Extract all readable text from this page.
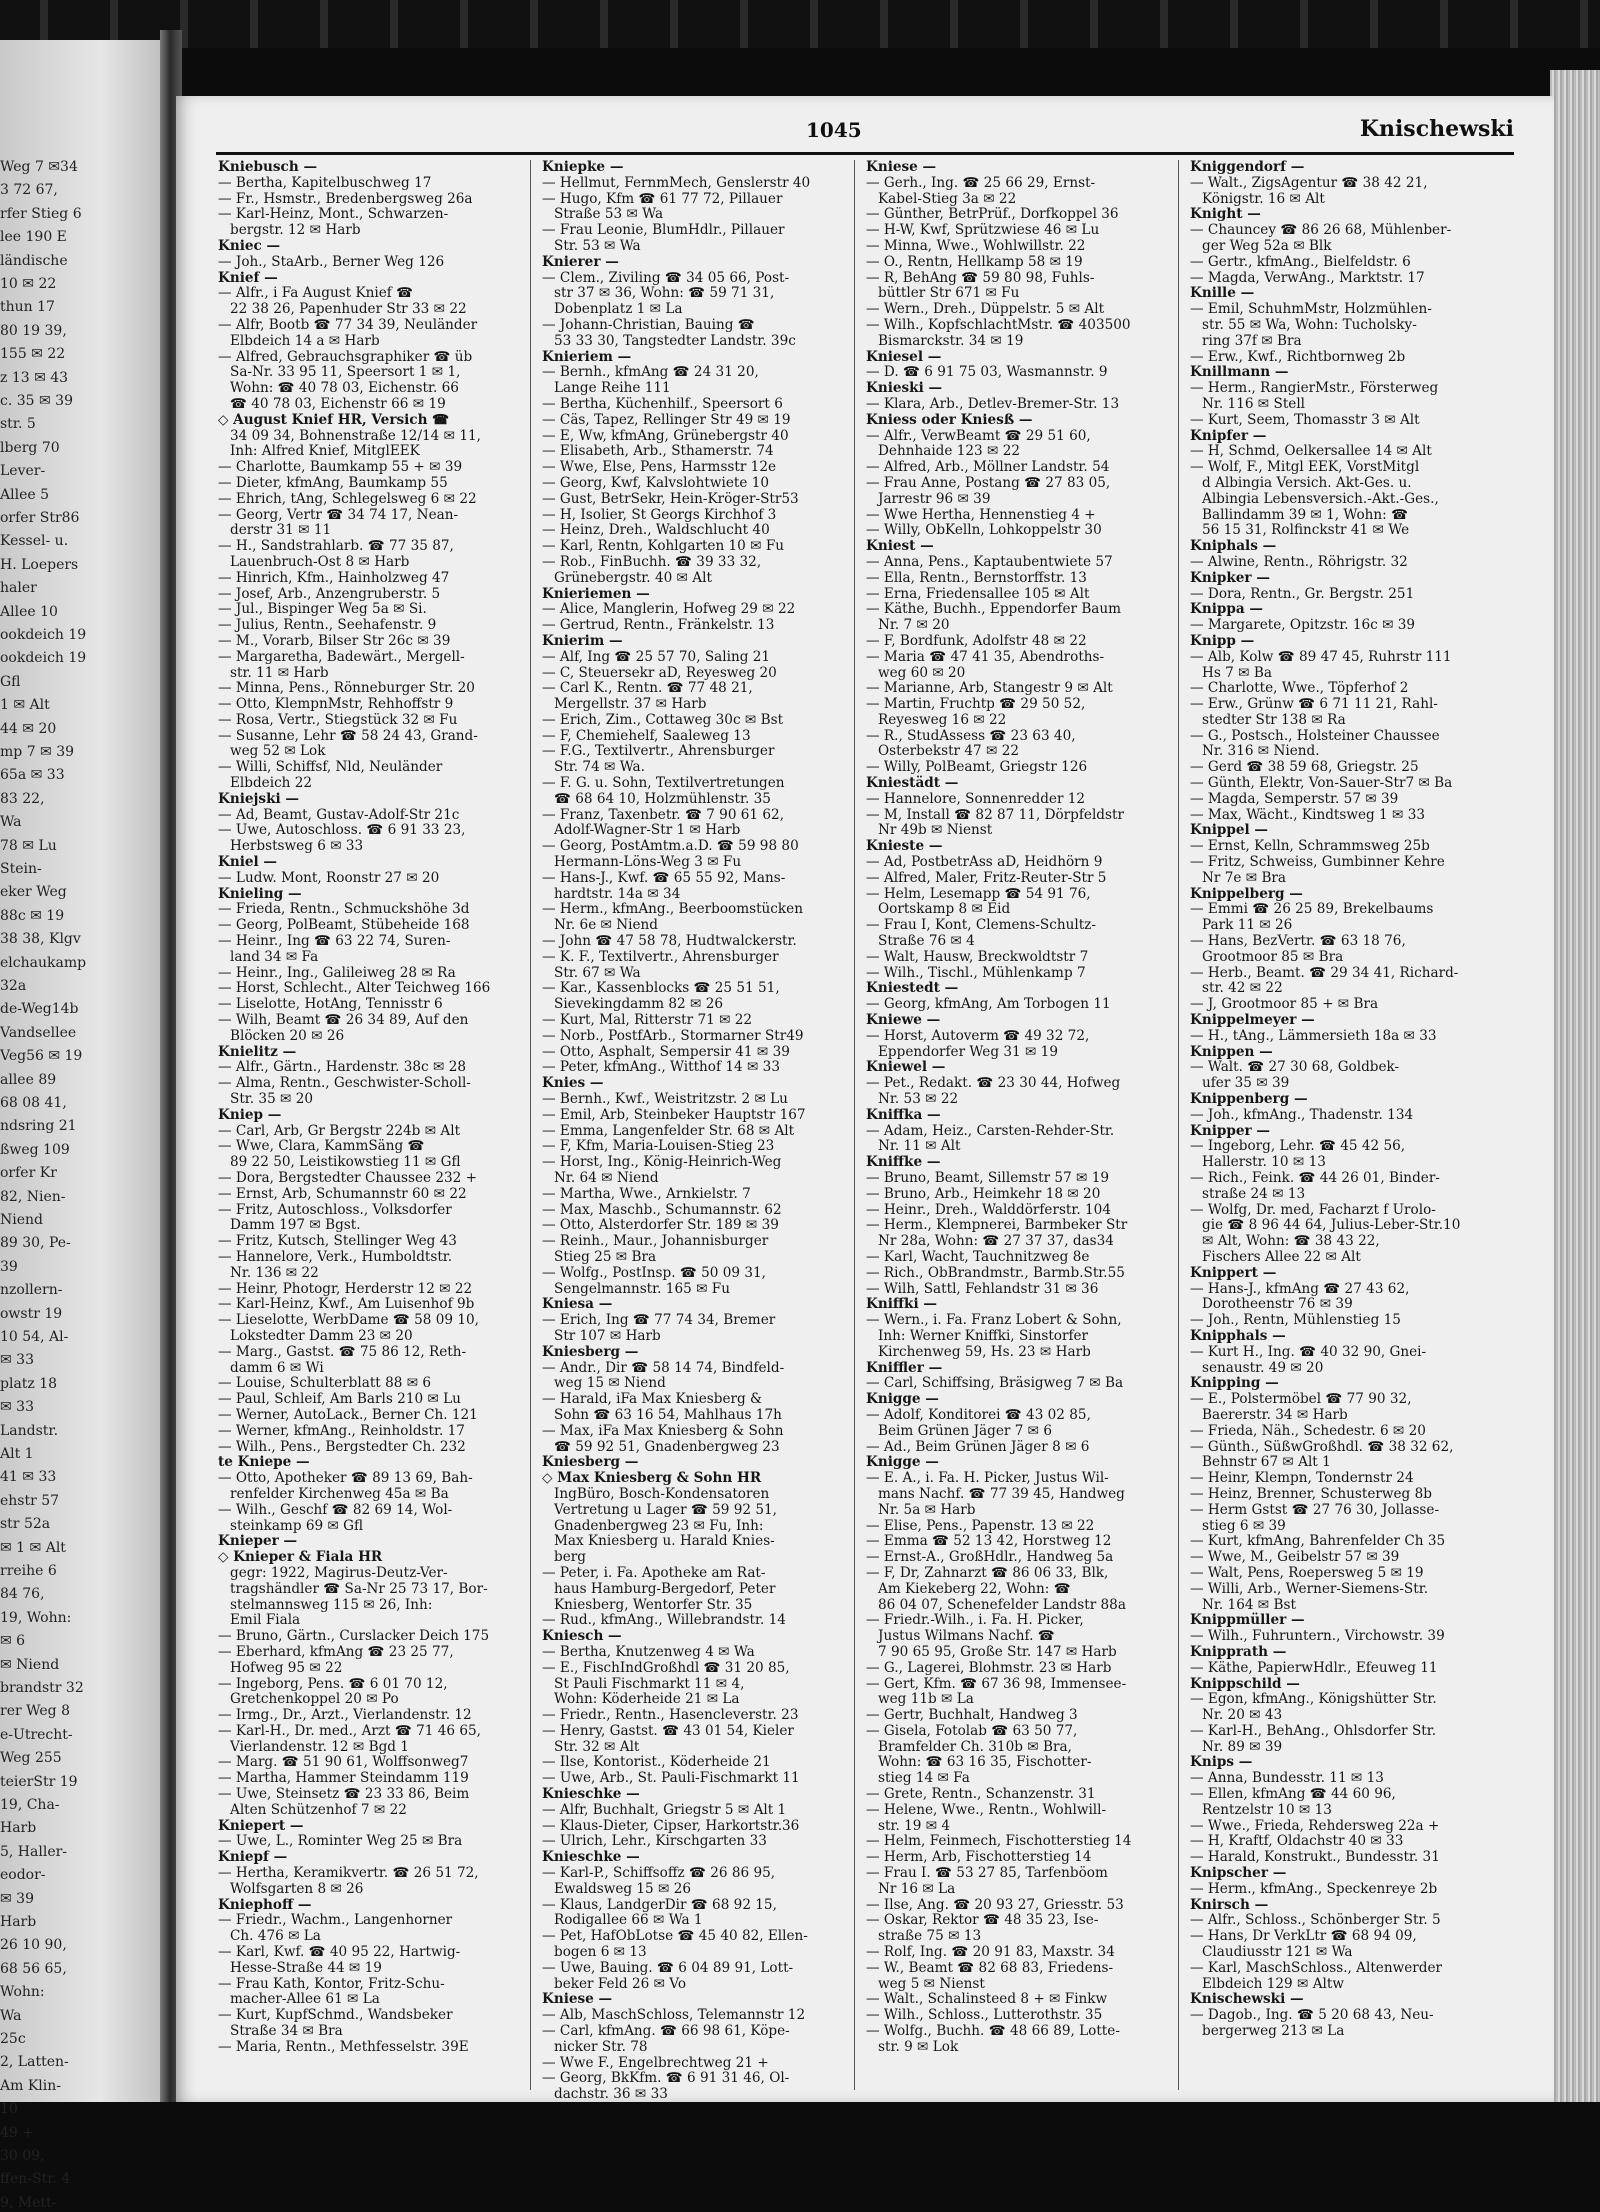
Weg 7 ✉34
3 72 67,
rfer Stieg 6
lee 190 E
ländische
10 ✉ 22
thun 17
80 19 39,
155 ✉ 22
z 13 ✉ 43
c. 35 ✉ 39
str. 5
lberg 70
Lever-
Allee 5
orfer Str86
Kessel- u.
H. Loepers
haler
Allee 10
ookdeich 19
ookdeich 19
Gfl
1 ✉ Alt
44 ✉ 20
mp 7 ✉ 39
65a ✉ 33
83 22,
Wa
78 ✉ Lu
Stein-
eker Weg
88c ✉ 19
38 38, Klgv
elchaukamp
32a
de-Weg14b
Vandsellee
Veg56 ✉ 19
allee 89
68 08 41,
ndsring 21
ßweg 109
orfer Kr
82, Nien-
Niend
89 30, Pe-
39
nzollern-
owstr 19
10 54, Al-
✉ 33
platz 18
✉ 33
Landstr.
Alt 1
41 ✉ 33
ehstr 57
str 52a
✉ 1 ✉ Alt
rreihe 6
84 76,
19, Wohn:
✉ 6
✉ Niend
brandstr 32
rer Weg 8
e-Utrecht-
Weg 255
teierStr 19
19, Cha-
Harb
5, Haller-
eodor-
✉ 39
Harb
26 10 90,
68 56 65,
Wohn:
Wa
25c
2, Latten-
Am Klin-
10
49 +
30 09,
ffen-Str. 4
9, Mett-
1045	Knischewski
Kniebusch —
— Bertha, Kapitelbuschweg 17
— Fr., Hsmstr., Bredenbergsweg 26a
— Karl-Heinz, Mont., Schwarzen-
bergstr. 12 ✉ Harb
Kniec —
— Joh., StaArb., Berner Weg 126
Knief —
— Alfr., i Fa August Knief ☎
22 38 26, Papenhuder Str 33 ✉ 22
— Alfr, Bootb ☎ 77 34 39, Neuländer
Elbdeich 14 a ✉ Harb
— Alfred, Gebrauchsgraphiker ☎ üb
Sa-Nr. 33 95 11, Speersort 1 ✉ 1,
Wohn: ☎ 40 78 03, Eichenstr. 66
☎ 40 78 03, Eichenstr 66 ✉ 19
◇ August Knief HR, Versich ☎
34 09 34, Bohnenstraße 12/14 ✉ 11,
Inh: Alfred Knief, MitglEEK
— Charlotte, Baumkamp 55 + ✉ 39
— Dieter, kfmAng, Baumkamp 55
— Ehrich, tAng, Schlegelsweg 6 ✉ 22
— Georg, Vertr ☎ 34 74 17, Nean-
derstr 31 ✉ 11
— H., Sandstrahlarb. ☎ 77 35 87,
Lauenbruch-Ost 8 ✉ Harb
— Hinrich, Kfm., Hainholzweg 47
— Josef, Arb., Anzengruberstr. 5
— Jul., Bispinger Weg 5a ✉ Si.
— Julius, Rentn., Seehafenstr. 9
— M., Vorarb, Bilser Str 26c ✉ 39
— Margaretha, Badewärt., Mergell-
str. 11 ✉ Harb
— Minna, Pens., Rönneburger Str. 20
— Otto, KlempnMstr, Rehhoffstr 9
— Rosa, Vertr., Stiegstück 32 ✉ Fu
— Susanne, Lehr ☎ 58 24 43, Grand-
weg 52 ✉ Lok
— Willi, Schiffsf, Nld, Neuländer
Elbdeich 22
Kniejski —
— Ad, Beamt, Gustav-Adolf-Str 21c
— Uwe, Autoschloss. ☎ 6 91 33 23,
Herbstsweg 6 ✉ 33
Kniel —
— Ludw. Mont, Roonstr 27 ✉ 20
Knieling —
— Frieda, Rentn., Schmuckshöhe 3d
— Georg, PolBeamt, Stübeheide 168
— Heinr., Ing ☎ 63 22 74, Suren-
land 34 ✉ Fa
— Heinr., Ing., Galileiweg 28 ✉ Ra
— Horst, Schlecht., Alter Teichweg 166
— Liselotte, HotAng, Tennisstr 6
— Wilh, Beamt ☎ 26 34 89, Auf den
Blöcken 20 ✉ 26
Knielitz —
— Alfr., Gärtn., Hardenstr. 38c ✉ 28
— Alma, Rentn., Geschwister-Scholl-
Str. 35 ✉ 20
Kniep —
— Carl, Arb, Gr Bergstr 224b ✉ Alt
— Wwe, Clara, KammSäng ☎
89 22 50, Leistikowstieg 11 ✉ Gfl
— Dora, Bergstedter Chaussee 232 +
— Ernst, Arb, Schumannstr 60 ✉ 22
— Fritz, Autoschloss., Volksdorfer
Damm 197 ✉ Bgst.
— Fritz, Kutsch, Stellinger Weg 43
— Hannelore, Verk., Humboldtstr.
Nr. 136 ✉ 22
— Heinr, Photogr, Herderstr 12 ✉ 22
— Karl-Heinz, Kwf., Am Luisenhof 9b
— Lieselotte, WerbDame ☎ 58 09 10,
Lokstedter Damm 23 ✉ 20
— Marg., Gastst. ☎ 75 86 12, Reth-
damm 6 ✉ Wi
— Louise, Schulterblatt 88 ✉ 6
— Paul, Schleif, Am Barls 210 ✉ Lu
— Werner, AutoLack., Berner Ch. 121
— Werner, kfmAng., Reinholdstr. 17
— Wilh., Pens., Bergstedter Ch. 232
te Kniepe —
— Otto, Apotheker ☎ 89 13 69, Bah-
renfelder Kirchenweg 45a ✉ Ba
— Wilh., Geschf ☎ 82 69 14, Wol-
steinkamp 69 ✉ Gfl
Knieper —
◇ Knieper & Fiala HR
gegr: 1922, Magirus-Deutz-Ver-
tragshändler ☎ Sa-Nr 25 73 17, Bor-
stelmannsweg 115 ✉ 26, Inh:
Emil Fiala
— Bruno, Gärtn., Curslacker Deich 175
— Eberhard, kfmAng ☎ 23 25 77,
Hofweg 95 ✉ 22
— Ingeborg, Pens. ☎ 6 01 70 12,
Gretchenkoppel 20 ✉ Po
— Irmg., Dr., Arzt., Vierlandenstr. 12
— Karl-H., Dr. med., Arzt ☎ 71 46 65,
Vierlandenstr. 12 ✉ Bgd 1
— Marg. ☎ 51 90 61, Wolffsonweg7
— Martha, Hammer Steindamm 119
— Uwe, Steinsetz ☎ 23 33 86, Beim
Alten Schützenhof 7 ✉ 22
Kniepert —
— Uwe, L., Rominter Weg 25 ✉ Bra
Kniepf —
— Hertha, Keramikvertr. ☎ 26 51 72,
Wolfsgarten 8 ✉ 26
Kniephoff —
— Friedr., Wachm., Langenhorner
Ch. 476 ✉ La
— Karl, Kwf. ☎ 40 95 22, Hartwig-
Hesse-Straße 44 ✉ 19
— Frau Kath, Kontor, Fritz-Schu-
macher-Allee 61 ✉ La
— Kurt, KupfSchmd., Wandsbeker
Straße 34 ✉ Bra
— Maria, Rentn., Methfesselstr. 39E
Kniepke —
— Hellmut, FernmMech, Genslerstr 40
— Hugo, Kfm ☎ 61 77 72, Pillauer
Straße 53 ✉ Wa
— Frau Leonie, BlumHdlr., Pillauer
Str. 53 ✉ Wa
Knierer —
— Clem., Ziviling ☎ 34 05 66, Post-
str 37 ✉ 36, Wohn: ☎ 59 71 31,
Dobenplatz 1 ✉ La
— Johann-Christian, Bauing ☎
53 33 30, Tangstedter Landstr. 39c
Knieriem —
— Bernh., kfmAng ☎ 24 31 20,
Lange Reihe 111
— Bertha, Küchenhilf., Speersort 6
— Cäs, Tapez, Rellinger Str 49 ✉ 19
— E, Ww, kfmAng, Grünebergstr 40
— Elisabeth, Arb., Sthamerstr. 74
— Wwe, Else, Pens, Harmsstr 12e
— Georg, Kwf, Kalvslohtwiete 10
— Gust, BetrSekr, Hein-Kröger-Str53
— H, Isolier, St Georgs Kirchhof 3
— Heinz, Dreh., Waldschlucht 40
— Karl, Rentn, Kohlgarten 10 ✉ Fu
— Rob., FinBuchh. ☎ 39 33 32,
Grünebergstr. 40 ✉ Alt
Knieriemen —
— Alice, Manglerin, Hofweg 29 ✉ 22
— Gertrud, Rentn., Fränkelstr. 13
Knierim —
— Alf, Ing ☎ 25 57 70, Saling 21
— C, Steuersekr aD, Reyesweg 20
— Carl K., Rentn. ☎ 77 48 21,
Mergellstr. 37 ✉ Harb
— Erich, Zim., Cottaweg 30c ✉ Bst
— F, Chemiehelf, Saaleweg 13
— F.G., Textilvertr., Ahrensburger
Str. 74 ✉ Wa.
— F. G. u. Sohn, Textilvertretungen
☎ 68 64 10, Holzmühlenstr. 35
— Franz, Taxenbetr. ☎ 7 90 61 62,
Adolf-Wagner-Str 1 ✉ Harb
— Georg, PostAmtm.a.D. ☎ 59 98 80
Hermann-Löns-Weg 3 ✉ Fu
— Hans-J., Kwf. ☎ 65 55 92, Mans-
hardtstr. 14a ✉ 34
— Herm., kfmAng., Beerboomstücken
Nr. 6e ✉ Niend
— John ☎ 47 58 78, Hudtwalckerstr.
— K. F., Textilvertr., Ahrensburger
Str. 67 ✉ Wa
— Kar., Kassenblocks ☎ 25 51 51,
Sievekingdamm 82 ✉ 26
— Kurt, Mal, Ritterstr 71 ✉ 22
— Norb., PostfArb., Stormarner Str49
— Otto, Asphalt, Sempersir 41 ✉ 39
— Peter, kfmAng., Witthof 14 ✉ 33
Knies —
— Bernh., Kwf., Weistritzstr. 2 ✉ Lu
— Emil, Arb, Steinbeker Hauptstr 167
— Emma, Langenfelder Str. 68 ✉ Alt
— F, Kfm, Maria-Louisen-Stieg 23
— Horst, Ing., König-Heinrich-Weg
Nr. 64 ✉ Niend
— Martha, Wwe., Arnkielstr. 7
— Max, Maschb., Schumannstr. 62
— Otto, Alsterdorfer Str. 189 ✉ 39
— Reinh., Maur., Johannisburger
Stieg 25 ✉ Bra
— Wolfg., PostInsp. ☎ 50 09 31,
Sengelmannstr. 165 ✉ Fu
Kniesa —
— Erich, Ing ☎ 77 74 34, Bremer
Str 107 ✉ Harb
Kniesberg —
— Andr., Dir ☎ 58 14 74, Bindfeld-
weg 15 ✉ Niend
— Harald, iFa Max Kniesberg &
Sohn ☎ 63 16 54, Mahlhaus 17h
— Max, iFa Max Kniesberg & Sohn
☎ 59 92 51, Gnadenbergweg 23
Kniesberg —
◇ Max Kniesberg & Sohn HR
IngBüro, Bosch-Kondensatoren
Vertretung u Lager ☎ 59 92 51,
Gnadenbergweg 23 ✉ Fu, Inh:
Max Kniesberg u. Harald Knies-
berg
— Peter, i. Fa. Apotheke am Rat-
haus Hamburg-Bergedorf, Peter
Kniesberg, Wentorfer Str. 35
— Rud., kfmAng., Willebrandstr. 14
Kniesch —
— Bertha, Knutzenweg 4 ✉ Wa
— E., FischIndGroßhdl ☎ 31 20 85,
St Pauli Fischmarkt 11 ✉ 4,
Wohn: Köderheide 21 ✉ La
— Friedr., Rentn., Hasencleverstr. 23
— Henry, Gastst. ☎ 43 01 54, Kieler
Str. 32 ✉ Alt
— Ilse, Kontorist., Köderheide 21
— Uwe, Arb., St. Pauli-Fischmarkt 11
Knieschke —
— Alfr, Buchhalt, Griegstr 5 ✉ Alt 1
— Klaus-Dieter, Cipser, Harkortstr.36
— Ulrich, Lehr., Kirschgarten 33
Knieschke —
— Karl-P., Schiffsoffz ☎ 26 86 95,
Ewaldsweg 15 ✉ 26
— Klaus, LandgerDir ☎ 68 92 15,
Rodigallee 66 ✉ Wa 1
— Pet, HafObLotse ☎ 45 40 82, Ellen-
bogen 6 ✉ 13
— Uwe, Bauing. ☎ 6 04 89 91, Lott-
beker Feld 26 ✉ Vo
Kniese —
— Alb, MaschSchloss, Telemannstr 12
— Carl, kfmAng. ☎ 66 98 61, Köpe-
nicker Str. 78
— Wwe F., Engelbrechtweg 21 +
— Georg, BkKfm. ☎ 6 91 31 46, Ol-
dachstr. 36 ✉ 33
Kniese —
— Gerh., Ing. ☎ 25 66 29, Ernst-
Kabel-Stieg 3a ✉ 22
— Günther, BetrPrüf., Dorfkoppel 36
— H-W, Kwf, Sprützwiese 46 ✉ Lu
— Minna, Wwe., Wohlwillstr. 22
— O., Rentn, Hellkamp 58 ✉ 19
— R, BehAng ☎ 59 80 98, Fuhls-
büttler Str 671 ✉ Fu
— Wern., Dreh., Düppelstr. 5 ✉ Alt
— Wilh., KopfschlachtMstr. ☎ 403500
Bismarckstr. 34 ✉ 19
Kniesel —
— D. ☎ 6 91 75 03, Wasmannstr. 9
Knieski —
— Klara, Arb., Detlev-Bremer-Str. 13
Kniess oder Kniesß —
— Alfr., VerwBeamt ☎ 29 51 60,
Dehnhaide 123 ✉ 22
— Alfred, Arb., Möllner Landstr. 54
— Frau Anne, Postang ☎ 27 83 05,
Jarrestr 96 ✉ 39
— Wwe Hertha, Hennenstieg 4 +
— Willy, ObKelln, Lohkoppelstr 30
Kniest —
— Anna, Pens., Kaptaubentwiete 57
— Ella, Rentn., Bernstorffstr. 13
— Erna, Friedensallee 105 ✉ Alt
— Käthe, Buchh., Eppendorfer Baum
Nr. 7 ✉ 20
— F, Bordfunk, Adolfstr 48 ✉ 22
— Maria ☎ 47 41 35, Abendroths-
weg 60 ✉ 20
— Marianne, Arb, Stangestr 9 ✉ Alt
— Martin, Fruchtp ☎ 29 50 52,
Reyesweg 16 ✉ 22
— R., StudAssess ☎ 23 63 40,
Osterbekstr 47 ✉ 22
— Willy, PolBeamt, Griegstr 126
Kniestädt —
— Hannelore, Sonnenredder 12
— M, Install ☎ 82 87 11, Dörpfeldstr
Nr 49b ✉ Nienst
Knieste —
— Ad, PostbetrAss aD, Heidhörn 9
— Alfred, Maler, Fritz-Reuter-Str 5
— Helm, Lesemapp ☎ 54 91 76,
Oortskamp 8 ✉ Eid
— Frau I, Kont, Clemens-Schultz-
Straße 76 ✉ 4
— Walt, Hausw, Breckwoldtstr 7
— Wilh., Tischl., Mühlenkamp 7
Kniestedt —
— Georg, kfmAng, Am Torbogen 11
Kniewe —
— Horst, Autoverm ☎ 49 32 72,
Eppendorfer Weg 31 ✉ 19
Kniewel —
— Pet., Redakt. ☎ 23 30 44, Hofweg
Nr. 53 ✉ 22
Kniffka —
— Adam, Heiz., Carsten-Rehder-Str.
Nr. 11 ✉ Alt
Kniffke —
— Bruno, Beamt, Sillemstr 57 ✉ 19
— Bruno, Arb., Heimkehr 18 ✉ 20
— Heinr., Dreh., Walddörferstr. 104
— Herm., Klempnerei, Barmbeker Str
Nr 28a, Wohn: ☎ 27 37 37, das34
— Karl, Wacht, Tauchnitzweg 8e
— Rich., ObBrandmstr., Barmb.Str.55
— Wilh, Sattl, Fehlandstr 31 ✉ 36
Kniffki —
— Wern., i. Fa. Franz Lobert & Sohn,
Inh: Werner Kniffki, Sinstorfer
Kirchenweg 59, Hs. 23 ✉ Harb
Kniffler —
— Carl, Schiffsing, Bräsigweg 7 ✉ Ba
Knigge —
— Adolf, Konditorei ☎ 43 02 85,
Beim Grünen Jäger 7 ✉ 6
— Ad., Beim Grünen Jäger 8 ✉ 6
Knigge —
— E. A., i. Fa. H. Picker, Justus Wil-
mans Nachf. ☎ 77 39 45, Handweg
Nr. 5a ✉ Harb
— Elise, Pens., Papenstr. 13 ✉ 22
— Emma ☎ 52 13 42, Horstweg 12
— Ernst-A., GroßHdlr., Handweg 5a
— F, Dr, Zahnarzt ☎ 86 06 33, Blk,
Am Kiekeberg 22, Wohn: ☎
86 04 07, Schenefelder Landstr 88a
— Friedr.-Wilh., i. Fa. H. Picker,
Justus Wilmans Nachf. ☎
7 90 65 95, Große Str. 147 ✉ Harb
— G., Lagerei, Blohmstr. 23 ✉ Harb
— Gert, Kfm. ☎ 67 36 98, Immensee-
weg 11b ✉ La
— Gertr, Buchhalt, Handweg 3
— Gisela, Fotolab ☎ 63 50 77,
Bramfelder Ch. 310b ✉ Bra,
Wohn: ☎ 63 16 35, Fischotter-
stieg 14 ✉ Fa
— Grete, Rentn., Schanzenstr. 31
— Helene, Wwe., Rentn., Wohlwill-
str. 19 ✉ 4
— Helm, Feinmech, Fischotterstieg 14
— Herm, Arb, Fischotterstieg 14
— Frau I. ☎ 53 27 85, Tarfenböom
Nr 16 ✉ La
— Ilse, Ang. ☎ 20 93 27, Griesstr. 53
— Oskar, Rektor ☎ 48 35 23, Ise-
straße 75 ✉ 13
— Rolf, Ing. ☎ 20 91 83, Maxstr. 34
— W., Beamt ☎ 82 68 83, Friedens-
weg 5 ✉ Nienst
— Walt., Schalinsteed 8 + ✉ Finkw
— Wilh., Schloss., Lutterothstr. 35
— Wolfg., Buchh. ☎ 48 66 89, Lotte-
str. 9 ✉ Lok
Kniggendorf —
— Walt., ZigsAgentur ☎ 38 42 21,
Königstr. 16 ✉ Alt
Knight —
— Chauncey ☎ 86 26 68, Mühlenber-
ger Weg 52a ✉ Blk
— Gertr., kfmAng., Bielfeldstr. 6
— Magda, VerwAng., Marktstr. 17
Knille —
— Emil, SchuhmMstr, Holzmühlen-
str. 55 ✉ Wa, Wohn: Tucholsky-
ring 37f ✉ Bra
— Erw., Kwf., Richtbornweg 2b
Knillmann —
— Herm., RangierMstr., Försterweg
Nr. 116 ✉ Stell
— Kurt, Seem, Thomasstr 3 ✉ Alt
Knipfer —
— H, Schmd, Oelkersallee 14 ✉ Alt
— Wolf, F., Mitgl EEK, VorstMitgl
d Albingia Versich. Akt-Ges. u.
Albingia Lebensversich.-Akt.-Ges.,
Ballindamm 39 ✉ 1, Wohn: ☎
56 15 31, Rolfinckstr 41 ✉ We
Kniphals —
— Alwine, Rentn., Röhrigstr. 32
Knipker —
— Dora, Rentn., Gr. Bergstr. 251
Knippa —
— Margarete, Opitzstr. 16c ✉ 39
Knipp —
— Alb, Kolw ☎ 89 47 45, Ruhrstr 111
Hs 7 ✉ Ba
— Charlotte, Wwe., Töpferhof 2
— Erw., Grünw ☎ 6 71 11 21, Rahl-
stedter Str 138 ✉ Ra
— G., Postsch., Holsteiner Chaussee
Nr. 316 ✉ Niend.
— Gerd ☎ 38 59 68, Griegstr. 25
— Günth, Elektr, Von-Sauer-Str7 ✉ Ba
— Magda, Semperstr. 57 ✉ 39
— Max, Wächt., Kindtsweg 1 ✉ 33
Knippel —
— Ernst, Kelln, Schrammsweg 25b
— Fritz, Schweiss, Gumbinner Kehre
Nr 7e ✉ Bra
Knippelberg —
— Emmi ☎ 26 25 89, Brekelbaums
Park 11 ✉ 26
— Hans, BezVertr. ☎ 63 18 76,
Grootmoor 85 ✉ Bra
— Herb., Beamt. ☎ 29 34 41, Richard-
str. 42 ✉ 22
— J, Grootmoor 85 + ✉ Bra
Knippelmeyer —
— H., tAng., Lämmersieth 18a ✉ 33
Knippen —
— Walt. ☎ 27 30 68, Goldbek-
ufer 35 ✉ 39
Knippenberg —
— Joh., kfmAng., Thadenstr. 134
Knipper —
— Ingeborg, Lehr. ☎ 45 42 56,
Hallerstr. 10 ✉ 13
— Rich., Feink. ☎ 44 26 01, Binder-
straße 24 ✉ 13
— Wolfg, Dr. med, Facharzt f Urolo-
gie ☎ 8 96 44 64, Julius-Leber-Str.10
✉ Alt, Wohn: ☎ 38 43 22,
Fischers Allee 22 ✉ Alt
Knippert —
— Hans-J., kfmAng ☎ 27 43 62,
Dorotheenstr 76 ✉ 39
— Joh., Rentn, Mühlenstieg 15
Knipphals —
— Kurt H., Ing. ☎ 40 32 90, Gnei-
senaustr. 49 ✉ 20
Knipping —
— E., Polstermöbel ☎ 77 90 32,
Baererstr. 34 ✉ Harb
— Frieda, Näh., Schedestr. 6 ✉ 20
— Günth., SüßwGroßhdl. ☎ 38 32 62,
Behnstr 67 ✉ Alt 1
— Heinr, Klempn, Tondernstr 24
— Heinz, Brenner, Schusterweg 8b
— Herm Gstst ☎ 27 76 30, Jollasse-
stieg 6 ✉ 39
— Kurt, kfmAng, Bahrenfelder Ch 35
— Wwe, M., Geibelstr 57 ✉ 39
— Walt, Pens, Roepersweg 5 ✉ 19
— Willi, Arb., Werner-Siemens-Str.
Nr. 164 ✉ Bst
Knippmüller —
— Wilh., Fuhruntern., Virchowstr. 39
Knipprath —
— Käthe, PapierwHdlr., Efeuweg 11
Knippschild —
— Egon, kfmAng., Königshütter Str.
Nr. 20 ✉ 43
— Karl-H., BehAng., Ohlsdorfer Str.
Nr. 89 ✉ 39
Knips —
— Anna, Bundesstr. 11 ✉ 13
— Ellen, kfmAng ☎ 44 60 96,
Rentzelstr 10 ✉ 13
— Wwe., Frieda, Rehdersweg 22a +
— H, Kraftf, Oldachstr 40 ✉ 33
— Harald, Konstrukt., Bundesstr. 31
Knipscher —
— Herm., kfmAng., Speckenreye 2b
Knirsch —
— Alfr., Schloss., Schönberger Str. 5
— Hans, Dr VerkLtr ☎ 68 94 09,
Claudiusstr 121 ✉ Wa
— Karl, MaschSchloss., Altenwerder
Elbdeich 129 ✉ Altw
Knischewski —
— Dagob., Ing. ☎ 5 20 68 43, Neu-
bergerweg 213 ✉ La
